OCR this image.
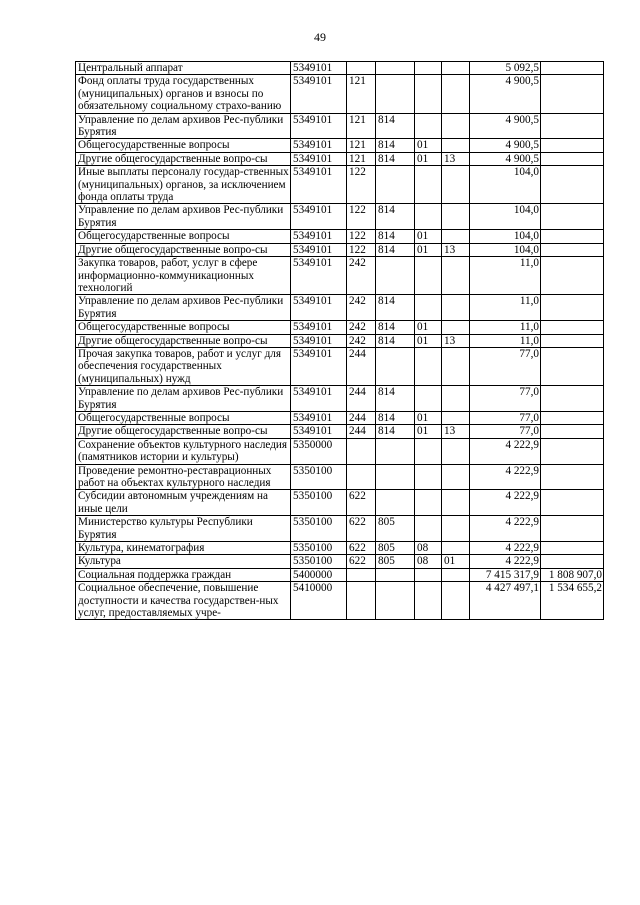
49
Центральный аппарат	5349101					5 092,5	
Фонд оплаты труда государственных (муниципальных) органов и взносы по обязательному социальному страхо-ванию	5349101	121				4 900,5	
Управление по делам архивов Рес-публики Бурятия	5349101	121	814			4 900,5	
Общегосударственные вопросы	5349101	121	814	01		4 900,5	
Другие общегосударственные вопро-сы	5349101	121	814	01	13	4 900,5	
Иные выплаты персоналу государ-ственных (муниципальных) органов, за исключением фонда оплаты труда	5349101	122				104,0	
Управление по делам архивов Рес-публики Бурятия	5349101	122	814			104,0	
Общегосударственные вопросы	5349101	122	814	01		104,0	
Другие общегосударственные вопро-сы	5349101	122	814	01	13	104,0	
Закупка товаров, работ, услуг в сфере информационно-коммуникационных технологий	5349101	242				11,0	
Управление по делам архивов Рес-публики Бурятия	5349101	242	814			11,0	
Общегосударственные вопросы	5349101	242	814	01		11,0	
Другие общегосударственные вопро-сы	5349101	242	814	01	13	11,0	
Прочая закупка товаров, работ и услуг для обеспечения государственных (муниципальных) нужд	5349101	244				77,0	
Управление по делам архивов Рес-публики Бурятия	5349101	244	814			77,0	
Общегосударственные вопросы	5349101	244	814	01		77,0	
Другие общегосударственные вопро-сы	5349101	244	814	01	13	77,0	
Сохранение объектов культурного наследия (памятников истории и культуры)	5350000					4 222,9	
Проведение ремонтно-реставрационных работ на объектах культурного наследия	5350100					4 222,9	
Субсидии автономным учреждениям на иные цели	5350100	622				4 222,9	
Министерство культуры Республики Бурятия	5350100	622	805			4 222,9	
Культура, кинематография	5350100	622	805	08		4 222,9	
Культура	5350100	622	805	08	01	4 222,9	
Социальная поддержка граждан	5400000					7 415 317,9	1 808 907,0
Социальное обеспечение, повышение доступности и качества государствен-ных услуг, предоставляемых учре-	5410000					4 427 497,1	1 534 655,2
